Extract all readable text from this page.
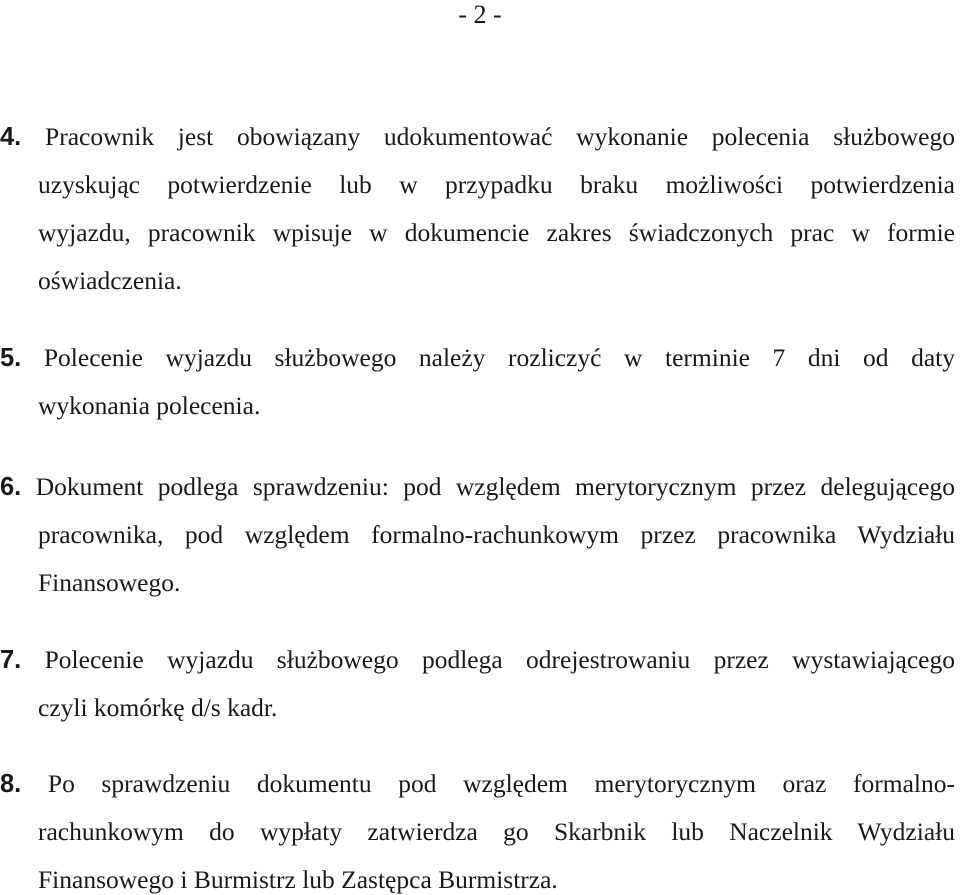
- 2 -
4. Pracownik jest obowiązany udokumentować wykonanie polecenia służbowego
uzyskując potwierdzenie lub w przypadku braku możliwości potwierdzenia
wyjazdu, pracownik wpisuje w dokumencie zakres świadczonych prac w formie
oświadczenia.
5. Polecenie wyjazdu służbowego należy rozliczyć w terminie 7 dni od daty
wykonania polecenia.
6. Dokument podlega sprawdzeniu: pod względem merytorycznym przez delegującego
pracownika, pod względem formalno-rachunkowym przez pracownika Wydziału
Finansowego.
7. Polecenie wyjazdu służbowego podlega odrejestrowaniu przez wystawiającego
czyli komórkę d/s kadr.
8. Po sprawdzeniu dokumentu pod względem merytorycznym oraz formalno-
rachunkowym do wypłaty zatwierdza go Skarbnik lub Naczelnik Wydziału
Finansowego i Burmistrz lub Zastępca Burmistrza.
